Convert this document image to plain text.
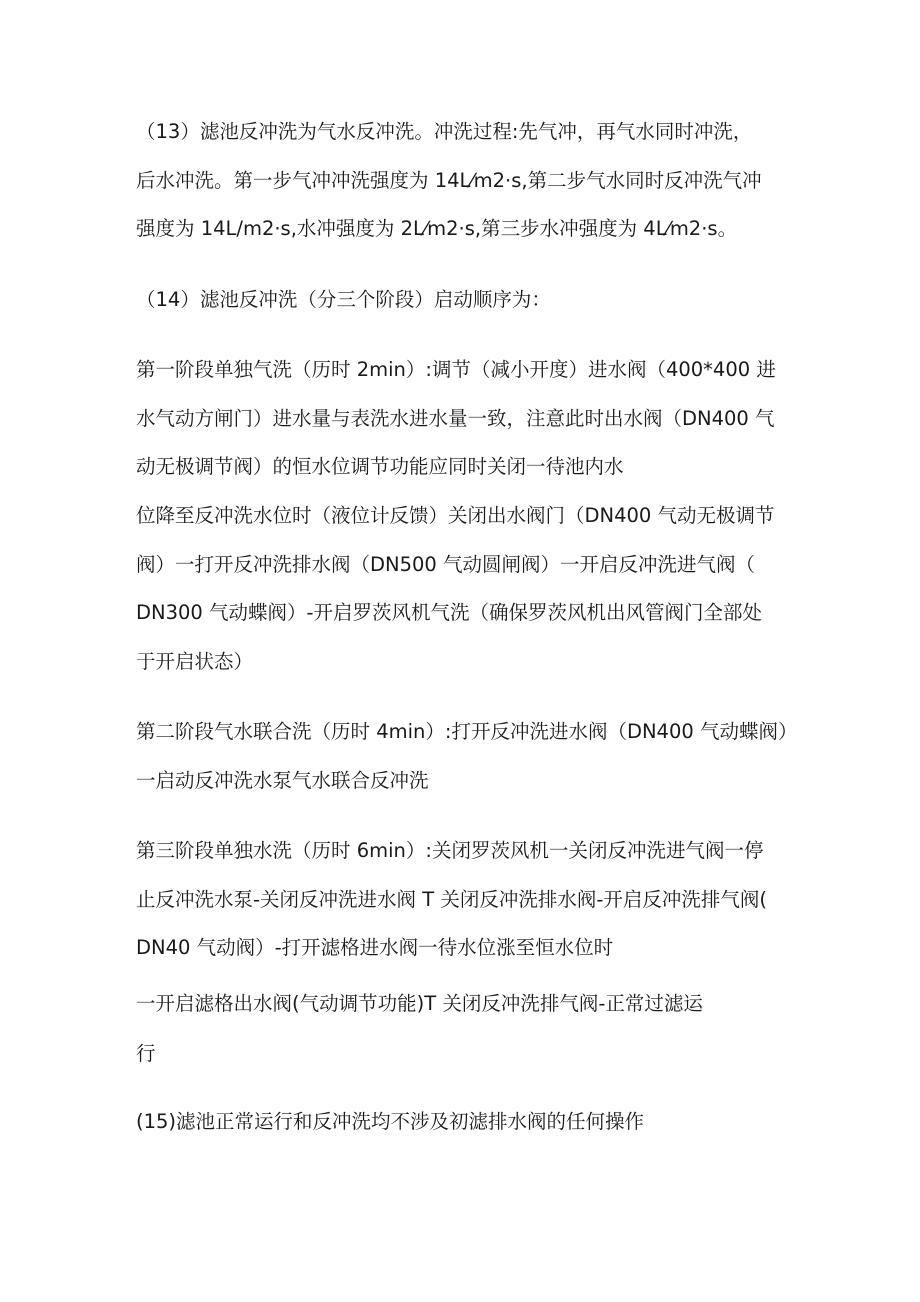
（13）滤池反冲洗为气水反冲洗。冲洗过程:先气冲，再气水同时冲洗，

后水冲洗。第一步气冲冲洗强度为 14L⁄m2·s,第二步气水同时反冲洗气冲

强度为 14L/m2·s,水冲强度为 2L⁄m2·s,第三步水冲强度为 4L⁄m2·s。

（14）滤池反冲洗（分三个阶段）启动顺序为：

第一阶段单独气洗（历时 2min）:调节（减小开度）进水阀（400*400 进

水气动方闸门）进水量与表洗水进水量一致，注意此时出水阀（DN400 气

动无极调节阀）的恒水位调节功能应同时关闭一待池内水

位降至反冲洗水位时（液位计反馈）关闭出水阀门（DN400 气动无极调节

阀）一打开反冲洗排水阀（DN500 气动圆闸阀）一开启反冲洗进气阀（

DN300 气动蝶阀）-开启罗茨风机气洗（确保罗茨风机出风管阀门全部处

于开启状态）

第二阶段气水联合洗（历时 4min）:打开反冲洗进水阀（DN400 气动蝶阀）

一启动反冲洗水泵气水联合反冲洗

第三阶段单独水洗（历时 6min）:关闭罗茨风机一关闭反冲洗进气阀一停

止反冲洗水泵-关闭反冲洗进水阀 T 关闭反冲洗排水阀-开启反冲洗排气阀(

DN40 气动阀）-打开滤格进水阀一待水位涨至恒水位时

一开启滤格出水阀(气动调节功能)T 关闭反冲洗排气阀-正常过滤运

行

(15)滤池正常运行和反冲洗均不涉及初滤排水阀的任何操作
